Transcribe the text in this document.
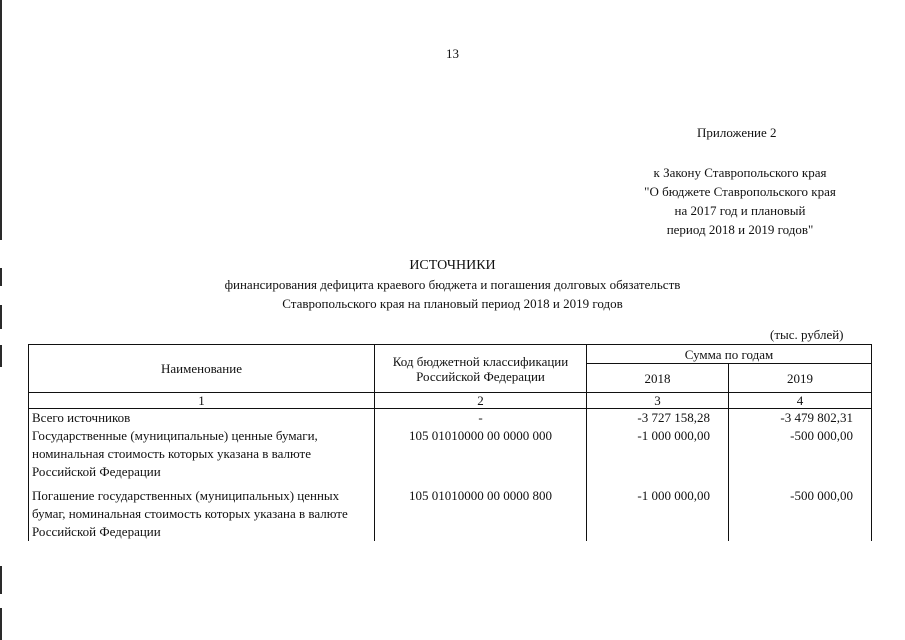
13
Приложение 2
к Закону Ставропольского края
"О бюджете Ставропольского края
на 2017 год и плановый
период 2018 и 2019 годов"
ИСТОЧНИКИ
финансирования дефицита краевого бюджета и погашения долговых обязательств
Ставропольского края на плановый период 2018 и 2019 годов
(тыс. рублей)
Наименование	Код бюджетной классификации Российской Федерации	Сумма по годам	
		2018	2019
1	2	3	4
Всего источников	-	-3 727 158,28	-3 479 802,31
Государственные (муниципальные) ценные бумаги, номинальная стоимость которых указана в валюте Российской Федерации	105 01010000 00 0000 000	-1 000 000,00	-500 000,00

Погашение государственных (муниципальных) ценных бумаг, номинальная стоимость которых указана в валюте Российской Федерации	105 01010000 00 0000 800	-1 000 000,00	-500 000,00
